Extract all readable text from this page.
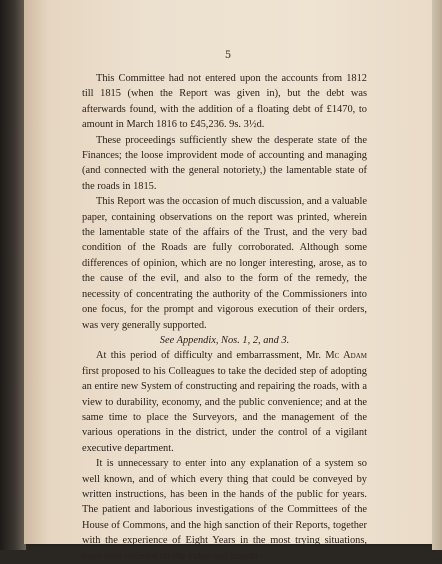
5

This Committee had not entered upon the accounts from 1812 till 1815 (when the Report was given in), but the debt was afterwards found, with the addition of a floating debt of £1470, to amount in March 1816 to £45,236. 9s. 3½d.

These proceedings sufficiently shew the desperate state of the Finances; the loose improvident mode of accounting and managing (and connected with the general notoriety,) the lamentable state of the roads in 1815.

This Report was the occasion of much discussion, and a valuable paper, containing observations on the report was printed, wherein the lamentable state of the affairs of the Trust, and the very bad condition of the Roads are fully corroborated. Although some differences of opinion, which are no longer interesting, arose, as to the cause of the evil, and also to the form of the remedy, the necessity of concentrating the authority of the Commissioners into one focus, for the prompt and vigorous execution of their orders, was very generally supported.

See Appendix, Nos. 1, 2, and 3.

At this period of difficulty and embarrassment, Mr. Mc Adam first proposed to his Colleagues to take the decided step of adopting an entire new System of constructing and repairing the roads, with a view to durability, economy, and the public convenience; and at the same time to place the Surveyors, and the management of the various operations in the district, under the control of a vigilant executive department.

It is unnecessary to enter into any explanation of a system so well known, and of which every thing that could be conveyed by written instructions, has been in the hands of the public for years. The patient and laborious investigations of the Committees of the House of Commons, and the high sanction of their Reports, together with the experience of Eight Years in the most trying situations, have now decided on the value and import-
